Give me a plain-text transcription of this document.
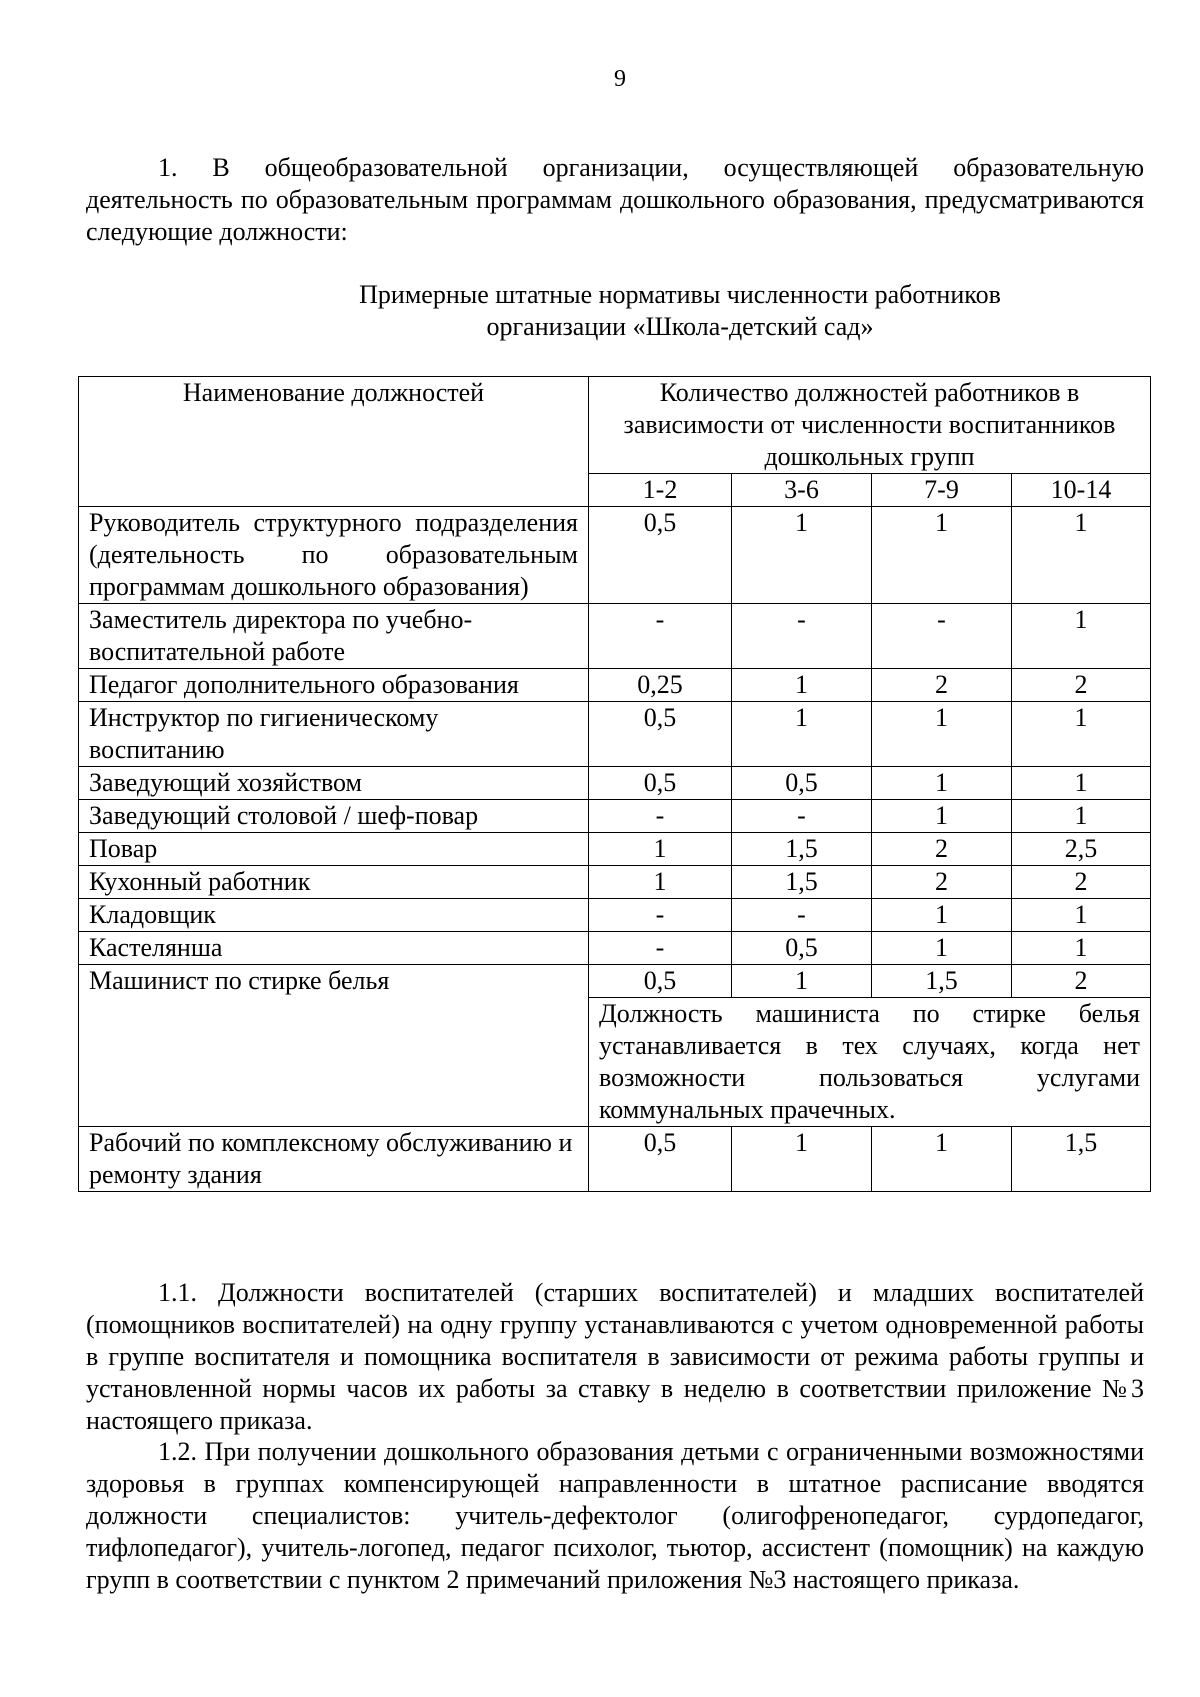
9
1. В общеобразовательной организации, осуществляющей образовательную деятельность по образовательным программам дошкольного образования, предусматриваются следующие должности:
Примерные штатные нормативы численности работников
организации «Школа-детский сад»
Наименование должностей	Количество должностей работников в зависимости от численности воспитанников дошкольных групп			
	1-2	3-6	7-9	10-14
Руководитель структурного подразделения (деятельность по образовательным программам дошкольного образования)	0,5	1	1	1
Заместитель директора по учебно-воспитательной работе	-	-	-	1
Педагог дополнительного образования	0,25	1	2	2
Инструктор по гигиеническому воспитанию	0,5	1	1	1
Заведующий хозяйством	0,5	0,5	1	1
Заведующий столовой / шеф-повар	-	-	1	1
Повар	1	1,5	2	2,5
Кухонный работник	1	1,5	2	2
Кладовщик	-	-	1	1
Кастелянша	-	0,5	1	1
Машинист по стирке белья	0,5	1	1,5	2
	Должность машиниста по стирке белья устанавливается в тех случаях, когда нет возможности пользоваться услугами коммунальных прачечных.			
Рабочий по комплексному обслуживанию и ремонту здания	0,5	1	1	1,5
1.1. Должности воспитателей (старших воспитателей) и младших воспитателей (помощников воспитателей) на одну группу устанавливаются с учетом одновременной работы в группе воспитателя и помощника воспитателя в зависимости от режима работы группы и установленной нормы часов их работы за ставку в неделю в соответствии приложение №3 настоящего приказа.
1.2. При получении дошкольного образования детьми с ограниченными возможностями здоровья в группах компенсирующей направленности в штатное расписание вводятся должности специалистов: учитель-дефектолог (олигофренопедагог, сурдопедагог, тифлопедагог), учитель-логопед, педагог психолог, тьютор, ассистент (помощник) на каждую групп в соответствии с пунктом 2 примечаний приложения №3 настоящего приказа.
